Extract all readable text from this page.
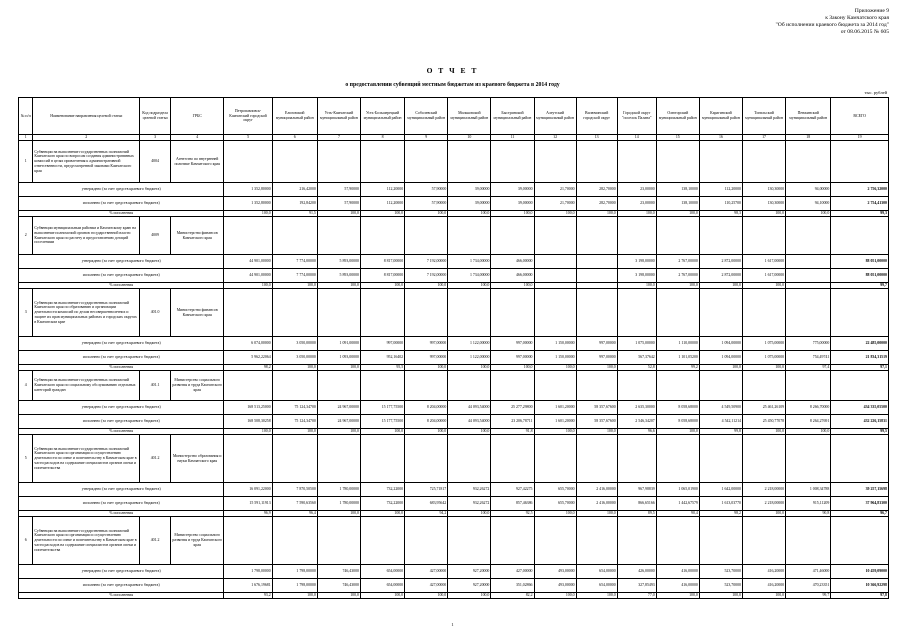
Приложение 9
к Закону Камчатского края
"Об исполнении краевого бюджета за 2014 год"
от 08.06.2015 № 605
О Т Ч Е Т
о предоставлении субвенций местным бюджетам из краевого бюджета в 2014 году
тыс. рублей
№ п/п	Наименование направления целевой статьи	Код подраздела целевой статьи	ГРБС	Петропавловск-Камчатский городской округ	Елизовский муниципальный район	Усть-Камчатский муниципальный район	Усть-Большерецкий муниципальный район	Соболевский муниципальный район	Мильковский муниципальный район	Быстринский муниципальный район	Алеутский муниципальный район	Вилючинский городской округ	Городской округ "поселок Палана"	Олюторский муниципальный район	Карагинский муниципальный район	Тигильский муниципальный район	Пенжинский муниципальный район	ВСЕГО
1	2	3	4	5	6	7	8	9	10	11	12	13	14	15	16	17	18	19
1	Субвенции на выполнение государственных полномочий Камчатского края по вопросам создания административных комиссий в целях привлечения к административной ответственности, предусмотренной законами Камчатского края	4004	Агентство по внутренней политике Камчатского края															
утверждено (за счет средств краевого бюджета)				1 352,80000	216,42000	57,90000	112,20000	57,90000	39,00000	39,00000	21,70000	282,70000	23,00000	138,10000	112,20000	130,30000	94,00000	2 756,32000
исполнено (за счет средств краевого бюджета)				1 352,80000	192,84200	57,90000	112,20000	57,90000	39,00000	39,00000	21,70000	282,70000	23,00000	138,10000	110,25700	130,30000	94,10000	2 754,41300
% исполнения				100,0	91,5	100,0	100,0	100,0	100,0	100,0	100,0	100,0	100,0	100,0	98,3	100,0	100,0	99,3
2	Субвенции муниципальным районам и Камчатскому краю на выполнение полномочий органов государственной власти Камчатского края по расчету и предоставлению дотаций поселениям	4009	Министерство финансов Камчатского края															
утверждено (за счет средств краевого бюджета)				44 901,00000	7 774,00000	5 893,00000	8 817,00000	7 192,00000	1 734,00000	466,00000			3 198,00000	2 767,00000	2 872,00000	1 617,00000		88 051,00000
исполнено (за счет средств краевого бюджета)				44 901,00000	7 774,00000	5 893,00000	8 817,00000	7 192,00000	1 734,00000	466,00000			3 198,00000	2 767,00000	2 872,00000	1 617,00000		88 051,00000
% исполнения				100,0	100,0	100,0	100,0	100,0	100,0	100,0			100,0	100,0	100,0	100,0		99,7
3	Субвенции на выполнение государственных полномочий Камчатского края по образованию и организации деятельности комиссий по делам несовершеннолетних и защите их прав муниципальных районах и городских округах в Камчатском крае	401.0	Министерство финансов Камчатского края															
утверждено (за счет средств краевого бюджета)				6 074,00000	3 050,00000	1 091,00000	997,00000	997,00000	1 122,00000	997,00000	1 150,00000	997,00000	1 075,00000	1 110,00000	1 094,00000	1 075,00000	775,00000	22 485,00000
исполнено (за счет средств краевого бюджета)				5 962,22064	3 050,00000	1 093,00000	952,16402	997,00000	1 122,00000	997,00000	1 150,00000	997,00000	567,37642	1 101,05200	1 094,00000	1 075,00000	754,49741	21 834,31519
% исполнения				98,2	100,0	100,0	95,5	100,0	100,0	100,0	100,0	100,0	52,8	99,2	100,0	100,0	97,4	97,1
4	Субвенции на выполнение государственных полномочий Камчатского края по социальному обслуживанию отдельных категорий граждан	401.1	Министерство социального развития и труда Камчатского края															
утверждено (за счет средств краевого бюджета)				168 513,25000	75 124,34700	24 967,00000	15 177,75500	8 204,00000	44 093,54000	25 277,29800	1 601,20000	58 357,67600	2 635,30000	8 058,68000	4 549,50900	25 461,26109	8 266,70000	434 335,05500
исполнено (за счет средств краевого бюджета)				168 508,30258	75 124,34700	24 967,00000	15 177,75500	8 204,00000	44 093,54000	23 206,78711	1 601,20000	58 357,67600	2 546,34207	8 058,68000	4 542,11214	25 450,77078	8 264,27691	432 226,15831
% исполнения				100,0	100,0	100,0	100,0	100,0	100,0	91,8	100,0	100,0	96,6	100,0	99,8	100,0	100,0	99,5
5	Субвенции на выполнение государственных полномочий Камчатского края по организации и осуществлению деятельности по опеке и попечительству в Камчатском крае в части расходов на содержание специалистов органов опеки и попечительства	401.2	Министерство образования и науки Камчатского края															
утверждено (за счет средств краевого бюджета)				16 091,22000	7 870,50500	1 780,00000	732,22000	725,71817	932,26272	927,42275	655,70000	2 416,00000	967,98839	1 065,01900	1 642,00000	2 218,00000	1 008,34788	39 257,15698
исполнено (за счет средств краевого бюджета)				15 591,11913	7 590,63560	1 780,00000	732,22000	683,95642	932,26272	857,46386	655,70000	2 416,00000	866,65166	1 442,67579	1 613,03770	2 218,00000	915,11209	37 964,83300
% исполнения				96,9	96,4	100,0	100,0	94,2	100,0	92,5	100,0	100,0	89,5	90,4	98,2	100,0	90,8	96,7
6	Субвенции на выполнение государственных полномочий Камчатского края по организации и осуществлению деятельности по опеке и попечительству в Камчатском крае в части расходов на содержание специалистов органов опеки и попечительства	401.2	Министерство социального развития и труда Камчатского края															
утверждено (за счет средств краевого бюджета)				1 798,00000	1 798,00000	746,43000	654,00000	427,00000	927,20000	427,00000	493,00000	654,00000	426,00000	416,00000	523,70000	416,20000	471,46000	10 459,09000
исполнено (за счет средств краевого бюджета)				1 676,19681	1 798,00000	746,43000	654,00000	427,00000	927,20000	351,02866	493,00000	654,00000	327,85493	416,00000	523,70000	416,20000	470,23351	10 366,92298
% исполнения				93,2	100,0	100,0	100,0	100,0	100,0	82,2	100,0	100,0	77,0	100,0	100,0	100,0	99,7	97,8
1
